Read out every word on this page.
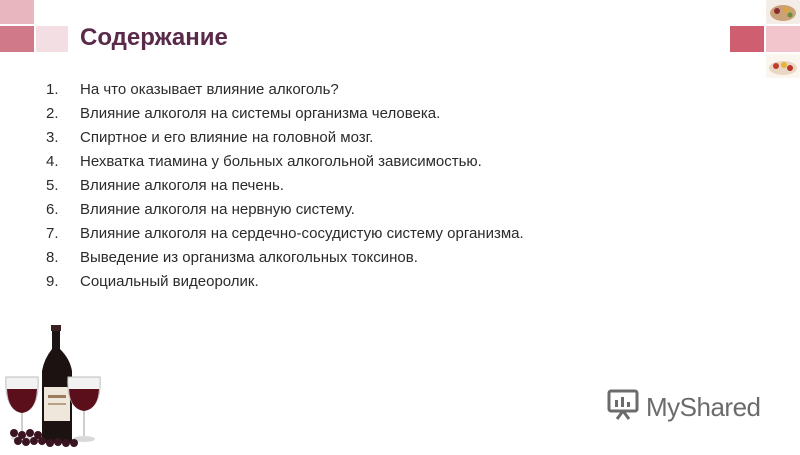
Содержание
1. На что оказывает влияние алкоголь?
2. Влияние алкоголя на системы организма человека.
3. Спиртное и его влияние на головной мозг.
4. Нехватка тиамина у больных алкогольной зависимостью.
5. Влияние алкоголя на печень.
6. Влияние алкоголя на нервную систему.
7. Влияние алкоголя на сердечно-сосудистую систему организма.
8. Выведение из организма алкогольных токсинов.
9. Социальный видеоролик.
MyShared
